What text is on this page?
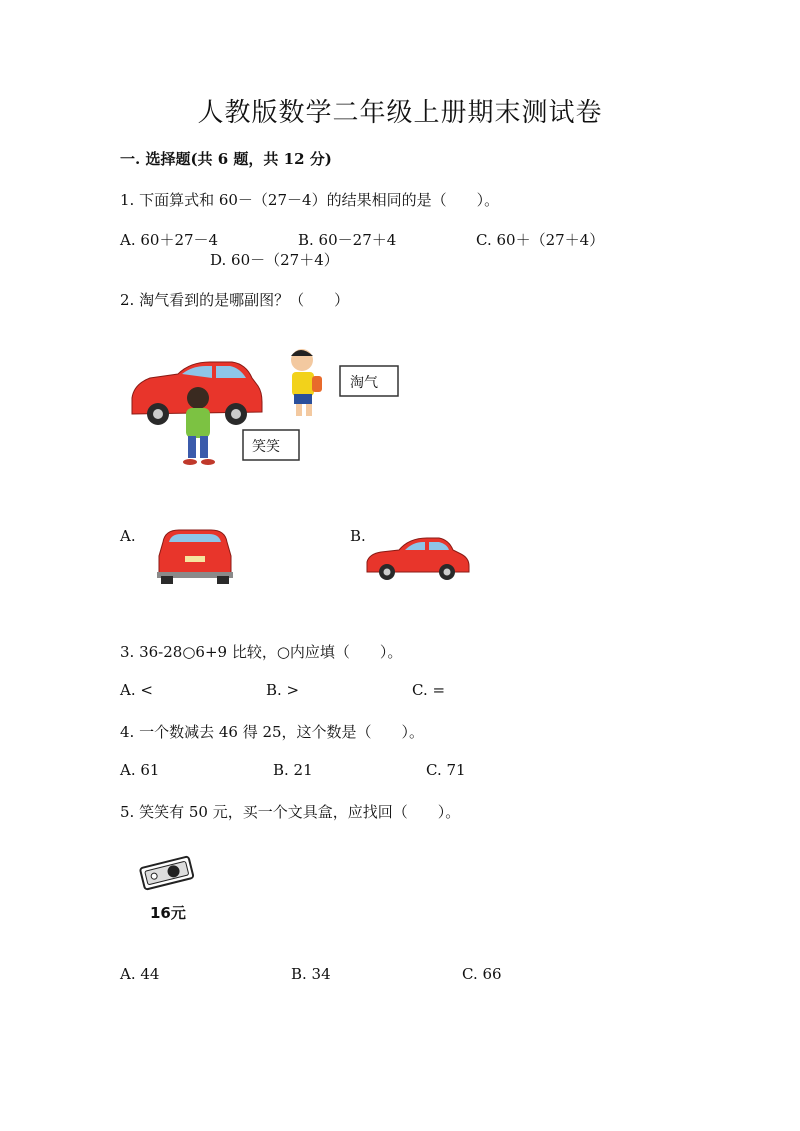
人教版数学二年级上册期末测试卷
一. 选择题(共 6 题，共 12 分)
1. 下面算式和 60－（27－4）的结果相同的是（　　）。
A. 60＋27－4	B. 60－27＋4	C. 60＋（27＋4）
D. 60－（27＋4）
2. 淘气看到的是哪副图？（　　）
淘气
笑笑
A.	B.
3. 36-28○6+9 比较，○内应填（　　）。
A. <	B. >	C. =
4. 一个数减去 46 得 25，这个数是（　　）。
A. 61	B. 21	C. 71
5. 笑笑有 50 元，买一个文具盒，应找回（　　）。
16元
A. 44	B. 34	C. 66
